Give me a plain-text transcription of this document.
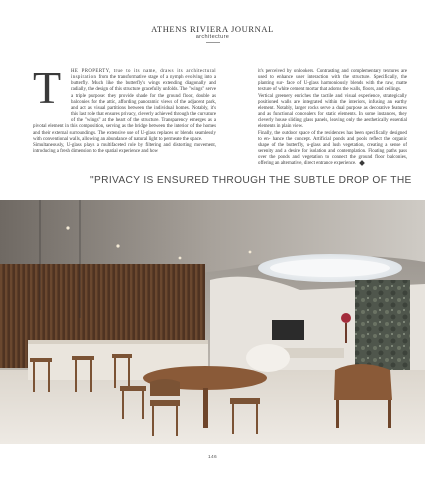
ATHENS RIVIERA JOURNAL
architecture
T	HE PROPERTY, true to its name, draws its architectural inspiration from the transformative stage of a nymph evolving into a butterfly. Much like the butterfly's wings extending diagonally and radially, the design of this structure gracefully unfolds. The "wings" serve a triple purpose: they provide shade for the ground floor, double as balconies for the attic, affording panoramic views of the adjacent park, and act as visual partitions between the individual homes. Notably, it's this last role that ensures privacy, cleverly achieved through the curvature of the "wings" at the heart of the structure. Transparency emerges as a pivotal element in this composition, serving as the bridge between the interior of the homes and their external surroundings. The extensive use of U-glass replaces or blends seamlessly with conventional walls, allowing an abundance of natural light to permeate the space.

Simultaneously, U-glass plays a multifaceted role by filtering and distorting movement, introducing a fresh dimension to the spatial experience and how

it's perceived by onlookers. Contrasting and complementary textures are used to enhance user interaction with the structure. Specifically, the planting sur- face of U-glass harmoniously blends with the raw, matte texture of white cement mortar that adorns the walls, floors, and ceilings.

Vertical greenery enriches the tactile and visual experience, strategically positioned walls are integrated within the interiors, infusing an earthy element. Notably, larger rocks serve a dual purpose as decorative features and as functional concealers for static elements. In some instances, they cleverly house sliding glass panels, leaving only the aesthetically essential elements in plain view.

Finally, the outdoor space of the residences has been specifically designed to en- hance the concept. Artificial ponds and pools reflect the organic shape of the butterfly, u-glass and lush vegetation, creating a sense of serenity and a desire for isolation and contemplation. Floating paths pass over the ponds and vegetation to connect the ground floor balconies, offering an alternative, direct entrance experience.

"PRIVACY IS ENSURED THROUGH THE SUBTLE DROP OF THE
146
